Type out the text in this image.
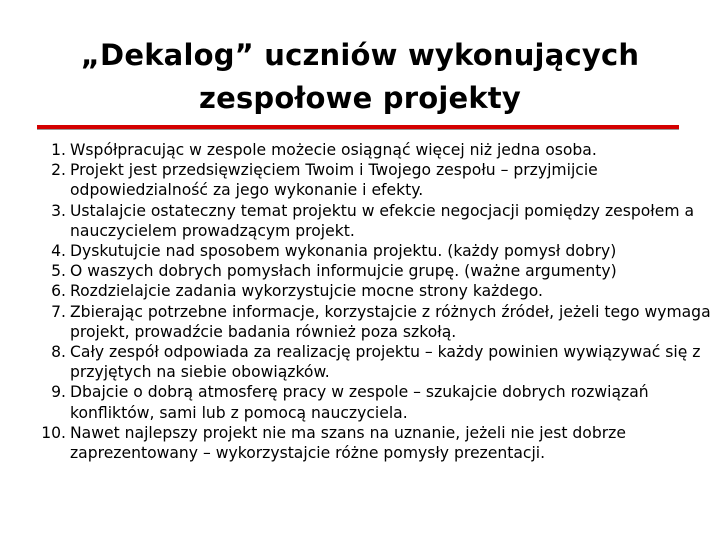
„Dekalog” uczniów wykonujących
zespołowe projekty
1. Współpracując w zespole możecie osiągnąć więcej niż jedna osoba.
2. Projekt jest przedsięwzięciem Twoim i Twojego zespołu – przyjmijcie odpowiedzialność za jego wykonanie i efekty.
3. Ustalajcie ostateczny temat projektu w efekcie negocjacji pomiędzy zespołem a nauczycielem prowadzącym projekt.
4. Dyskutujcie nad sposobem wykonania projektu. (każdy pomysł dobry)
5. O waszych dobrych pomysłach informujcie grupę. (ważne argumenty)
6. Rozdzielajcie zadania wykorzystujcie mocne strony każdego.
7. Zbierając potrzebne informacje, korzystajcie z różnych źródeł, jeżeli tego wymaga projekt, prowadźcie badania również poza szkołą.
8. Cały zespół odpowiada za realizację projektu – każdy powinien wywiązywać się z przyjętych na siebie obowiązków.
9. Dbajcie o dobrą atmosferę pracy w zespole – szukajcie dobrych rozwiązań konfliktów, sami lub z pomocą nauczyciela.
10. Nawet najlepszy projekt nie ma szans na uznanie, jeżeli nie jest dobrze zaprezentowany – wykorzystajcie różne pomysły prezentacji.
